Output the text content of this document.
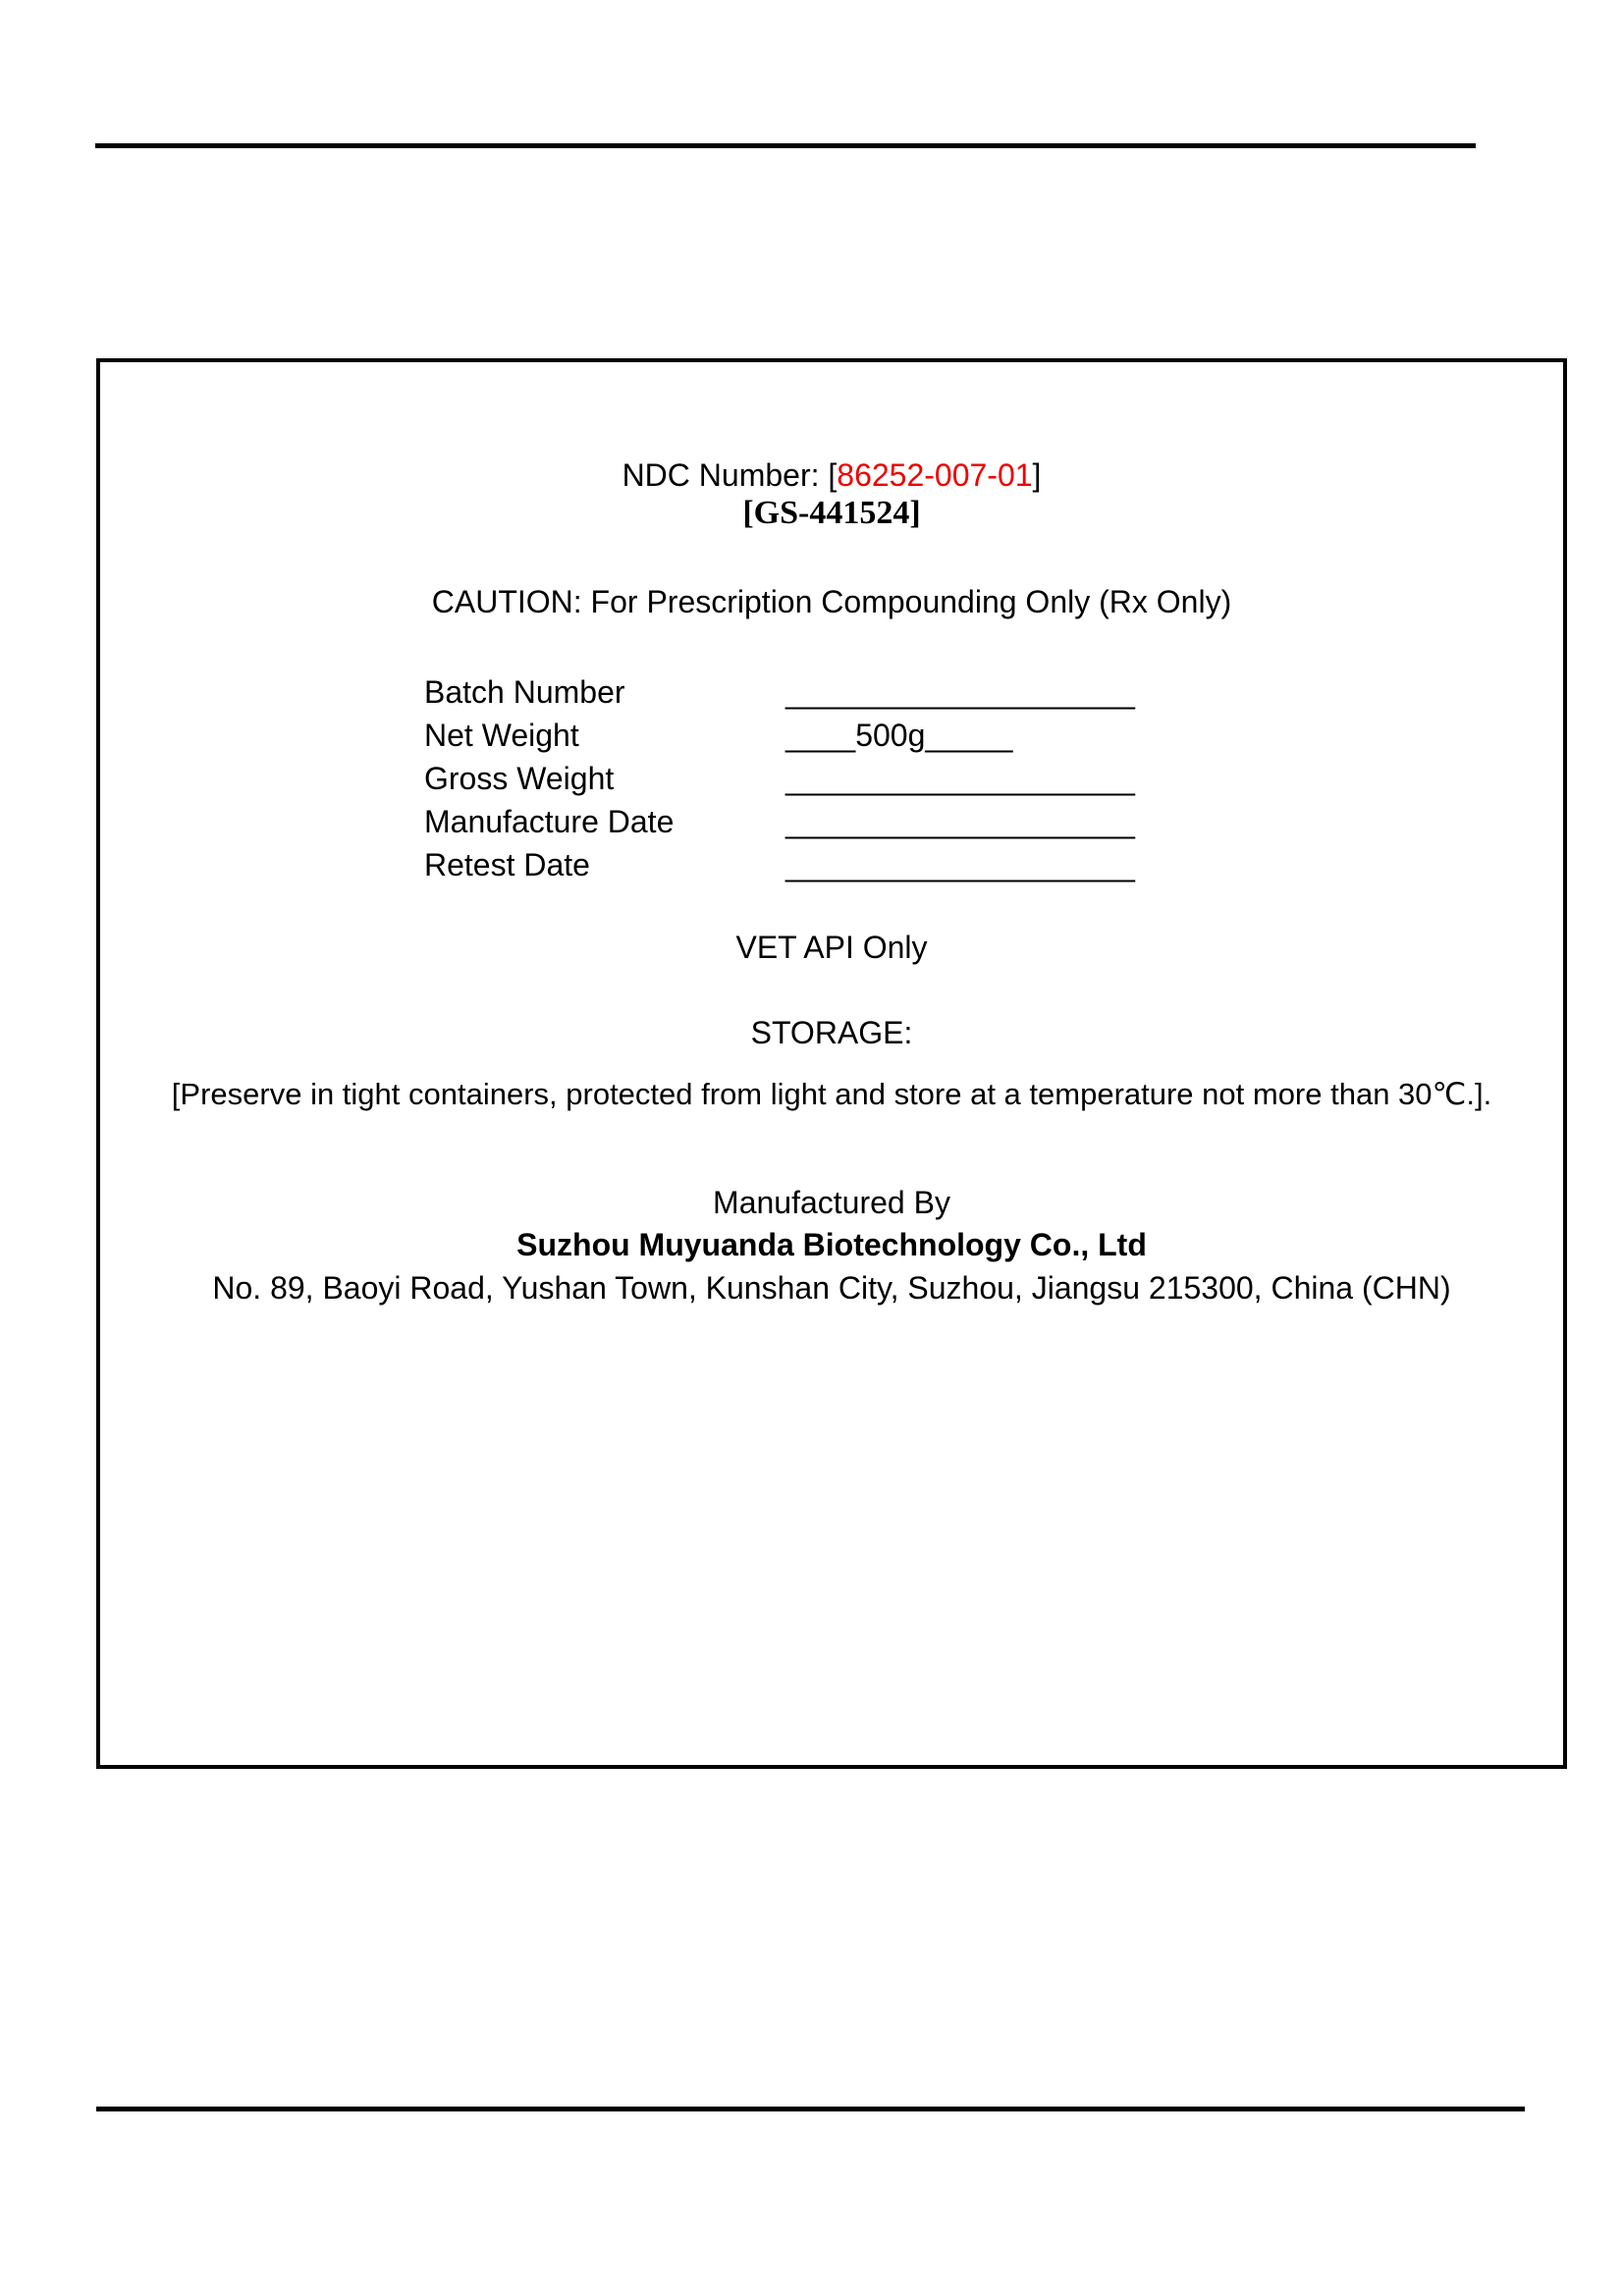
NDC Number: [86252-007-01]
[GS-441524]
CAUTION: For Prescription Compounding Only (Rx Only)
Batch Number	____________________
Net Weight	____500g_____
Gross Weight	____________________
Manufacture Date	____________________
Retest Date	____________________
VET API Only
STORAGE:
[Preserve in tight containers, protected from light and store at a temperature not more than 30℃.].
Manufactured By
Suzhou Muyuanda Biotechnology Co., Ltd
No. 89, Baoyi Road, Yushan Town, Kunshan City, Suzhou, Jiangsu 215300, China (CHN)
